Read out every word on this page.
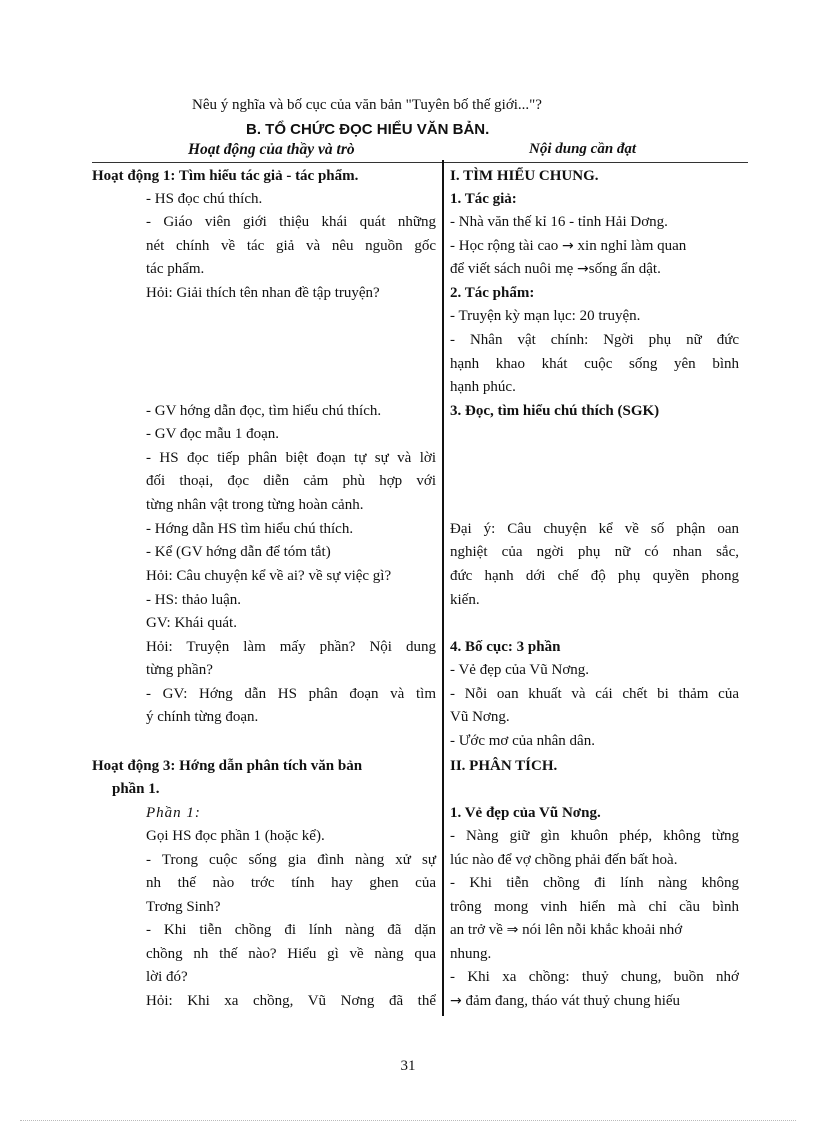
Nêu ý nghĩa và bố cục của văn bản "Tuyên bố thế giới..."?
B. TỔ CHỨC ĐỌC HIỂU VĂN BẢN.
Hoạt động của thầy và trò	Nội dung cần đạt
Hoạt động 1: Tìm hiểu tác giả - tác phẩm.
- HS đọc chú thích.
- Giáo viên giới thiệu khái quát những
nét chính về tác giả và nêu nguồn gốc
tác phẩm.
Hỏi: Giải thích tên nhan đề tập truyện?
- GV hớng dẫn đọc, tìm hiểu chú thích.
- GV đọc mẫu 1 đoạn.
- HS đọc tiếp phân biệt đoạn tự sự và lời
đối thoại, đọc diễn cảm phù hợp với
từng nhân vật trong từng hoàn cảnh.
- Hớng dẫn HS tìm hiểu chú thích.
- Kể (GV hớng dẫn để tóm tắt)
Hỏi: Câu chuyện kể về ai? về sự việc gì?
- HS: thảo luận.
GV: Khái quát.
Hỏi: Truyện làm mấy phần? Nội dung
từng phần?
- GV: Hớng dẫn HS phân đoạn và tìm
ý chính từng đoạn.
Hoạt động 3: Hớng dẫn phân tích văn bản
phần 1.
Phần 1:
Gọi HS đọc phần 1 (hoặc kể).
- Trong cuộc sống gia đình nàng xử sự
nh thế nào trớc tính hay ghen của
Trơng Sinh?
- Khi tiễn chồng đi lính nàng đã dặn
chồng nh thế nào? Hiểu gì về nàng qua
lời đó?
Hỏi: Khi xa chồng, Vũ Nơng đã thể
I. TÌM HIỂU CHUNG.
1. Tác giả:
- Nhà văn thế kỉ 16 - tỉnh Hải Dơng.
- Học rộng tài cao → xin nghỉ làm quan
để viết sách nuôi mẹ →sống ẩn dật.
2. Tác phẩm:
- Truyện kỳ mạn lục: 20 truyện.
- Nhân vật chính: Ngời phụ nữ đức
hạnh khao khát cuộc sống yên bình
hạnh phúc.
3. Đọc, tìm hiểu chú thích (SGK)
Đại ý: Câu chuyện kể về số phận oan
nghiệt của ngời phụ nữ có nhan sắc,
đức hạnh dới chế độ phụ quyền phong
kiến.
4. Bố cục: 3 phần
- Vẻ đẹp của Vũ Nơng.
- Nỗi oan khuất và cái chết bi thảm của
Vũ Nơng.
- Ước mơ của nhân dân.
II. PHÂN TÍCH.
1. Vẻ đẹp của Vũ Nơng.
- Nàng giữ gìn khuôn phép, không từng
lúc nào để vợ chồng phải đến bất hoà.
- Khi tiễn chồng đi lính nàng không
trông mong vinh hiển mà chỉ cầu bình
an trở về ⇒ nói lên nỗi khắc khoải nhớ
nhung.
- Khi xa chồng: thuỷ chung, buồn nhớ
→ đảm đang, tháo vát thuỷ chung hiếu
31
